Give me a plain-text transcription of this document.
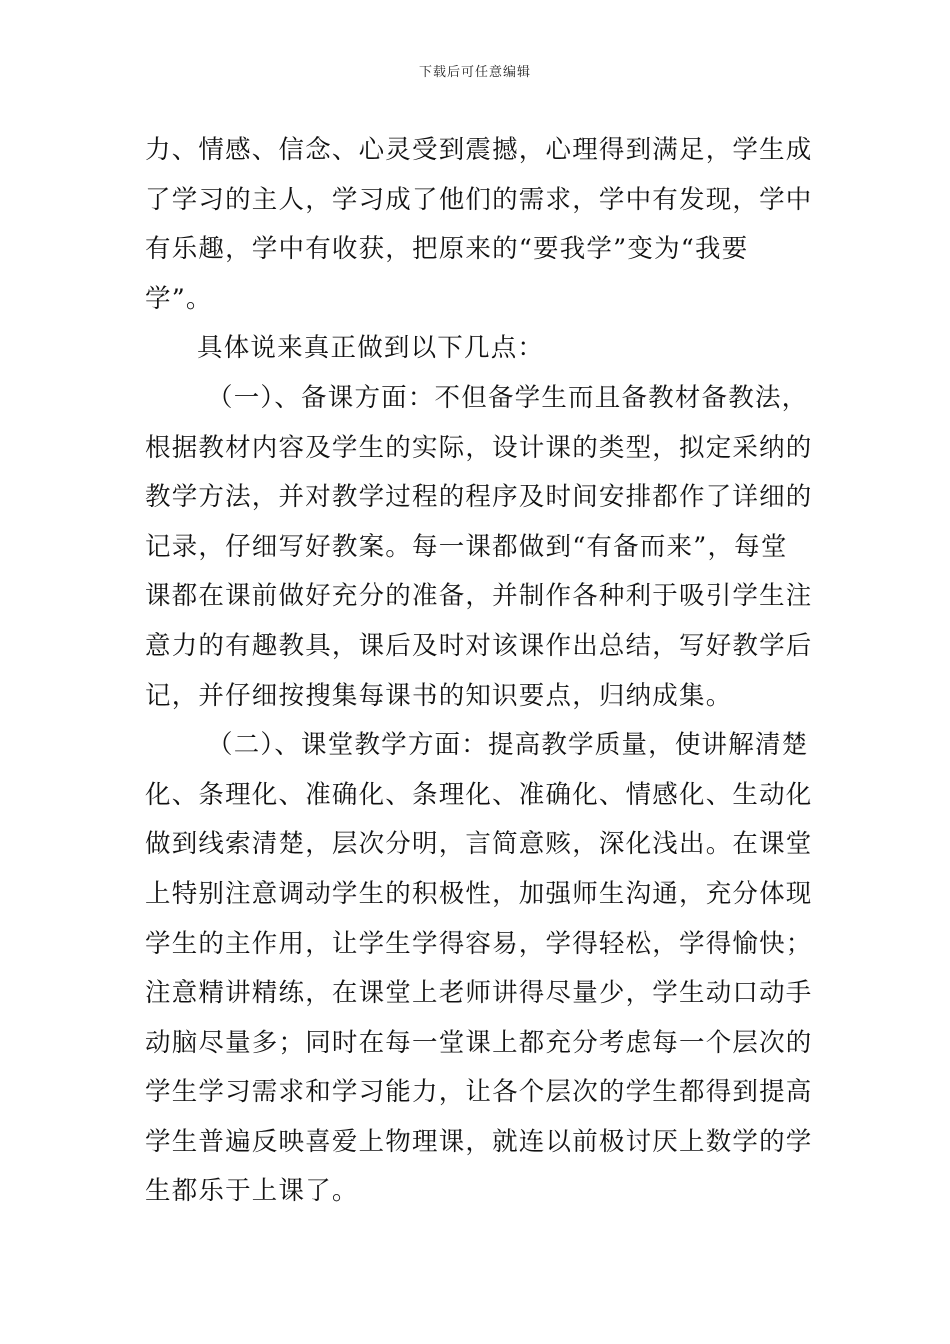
下载后可任意编辑
力、情感、信念、心灵受到震撼，心理得到满足，学生成
了学习的主人，学习成了他们的需求，学中有发现，学中
有乐趣，学中有收获，把原来的“要我学”变为“我要
学”。
具体说来真正做到以下几点：
（一）、备课方面：不但备学生而且备教材备教法，
根据教材内容及学生的实际，设计课的类型，拟定采纳的
教学方法，并对教学过程的程序及时间安排都作了详细的
记录，仔细写好教案。每一课都做到“有备而来”，每堂
课都在课前做好充分的准备，并制作各种利于吸引学生注
意力的有趣教具，课后及时对该课作出总结，写好教学后
记，并仔细按搜集每课书的知识要点，归纳成集。
（二）、课堂教学方面：提高教学质量，使讲解清楚
化、条理化、准确化、条理化、准确化、情感化、生动化
做到线索清楚，层次分明，言简意赅，深化浅出。在课堂
上特别注意调动学生的积极性，加强师生沟通，充分体现
学生的主作用，让学生学得容易，学得轻松，学得愉快；
注意精讲精练，在课堂上老师讲得尽量少，学生动口动手
动脑尽量多；同时在每一堂课上都充分考虑每一个层次的
学生学习需求和学习能力，让各个层次的学生都得到提高
学生普遍反映喜爱上物理课，就连以前极讨厌上数学的学
生都乐于上课了。
